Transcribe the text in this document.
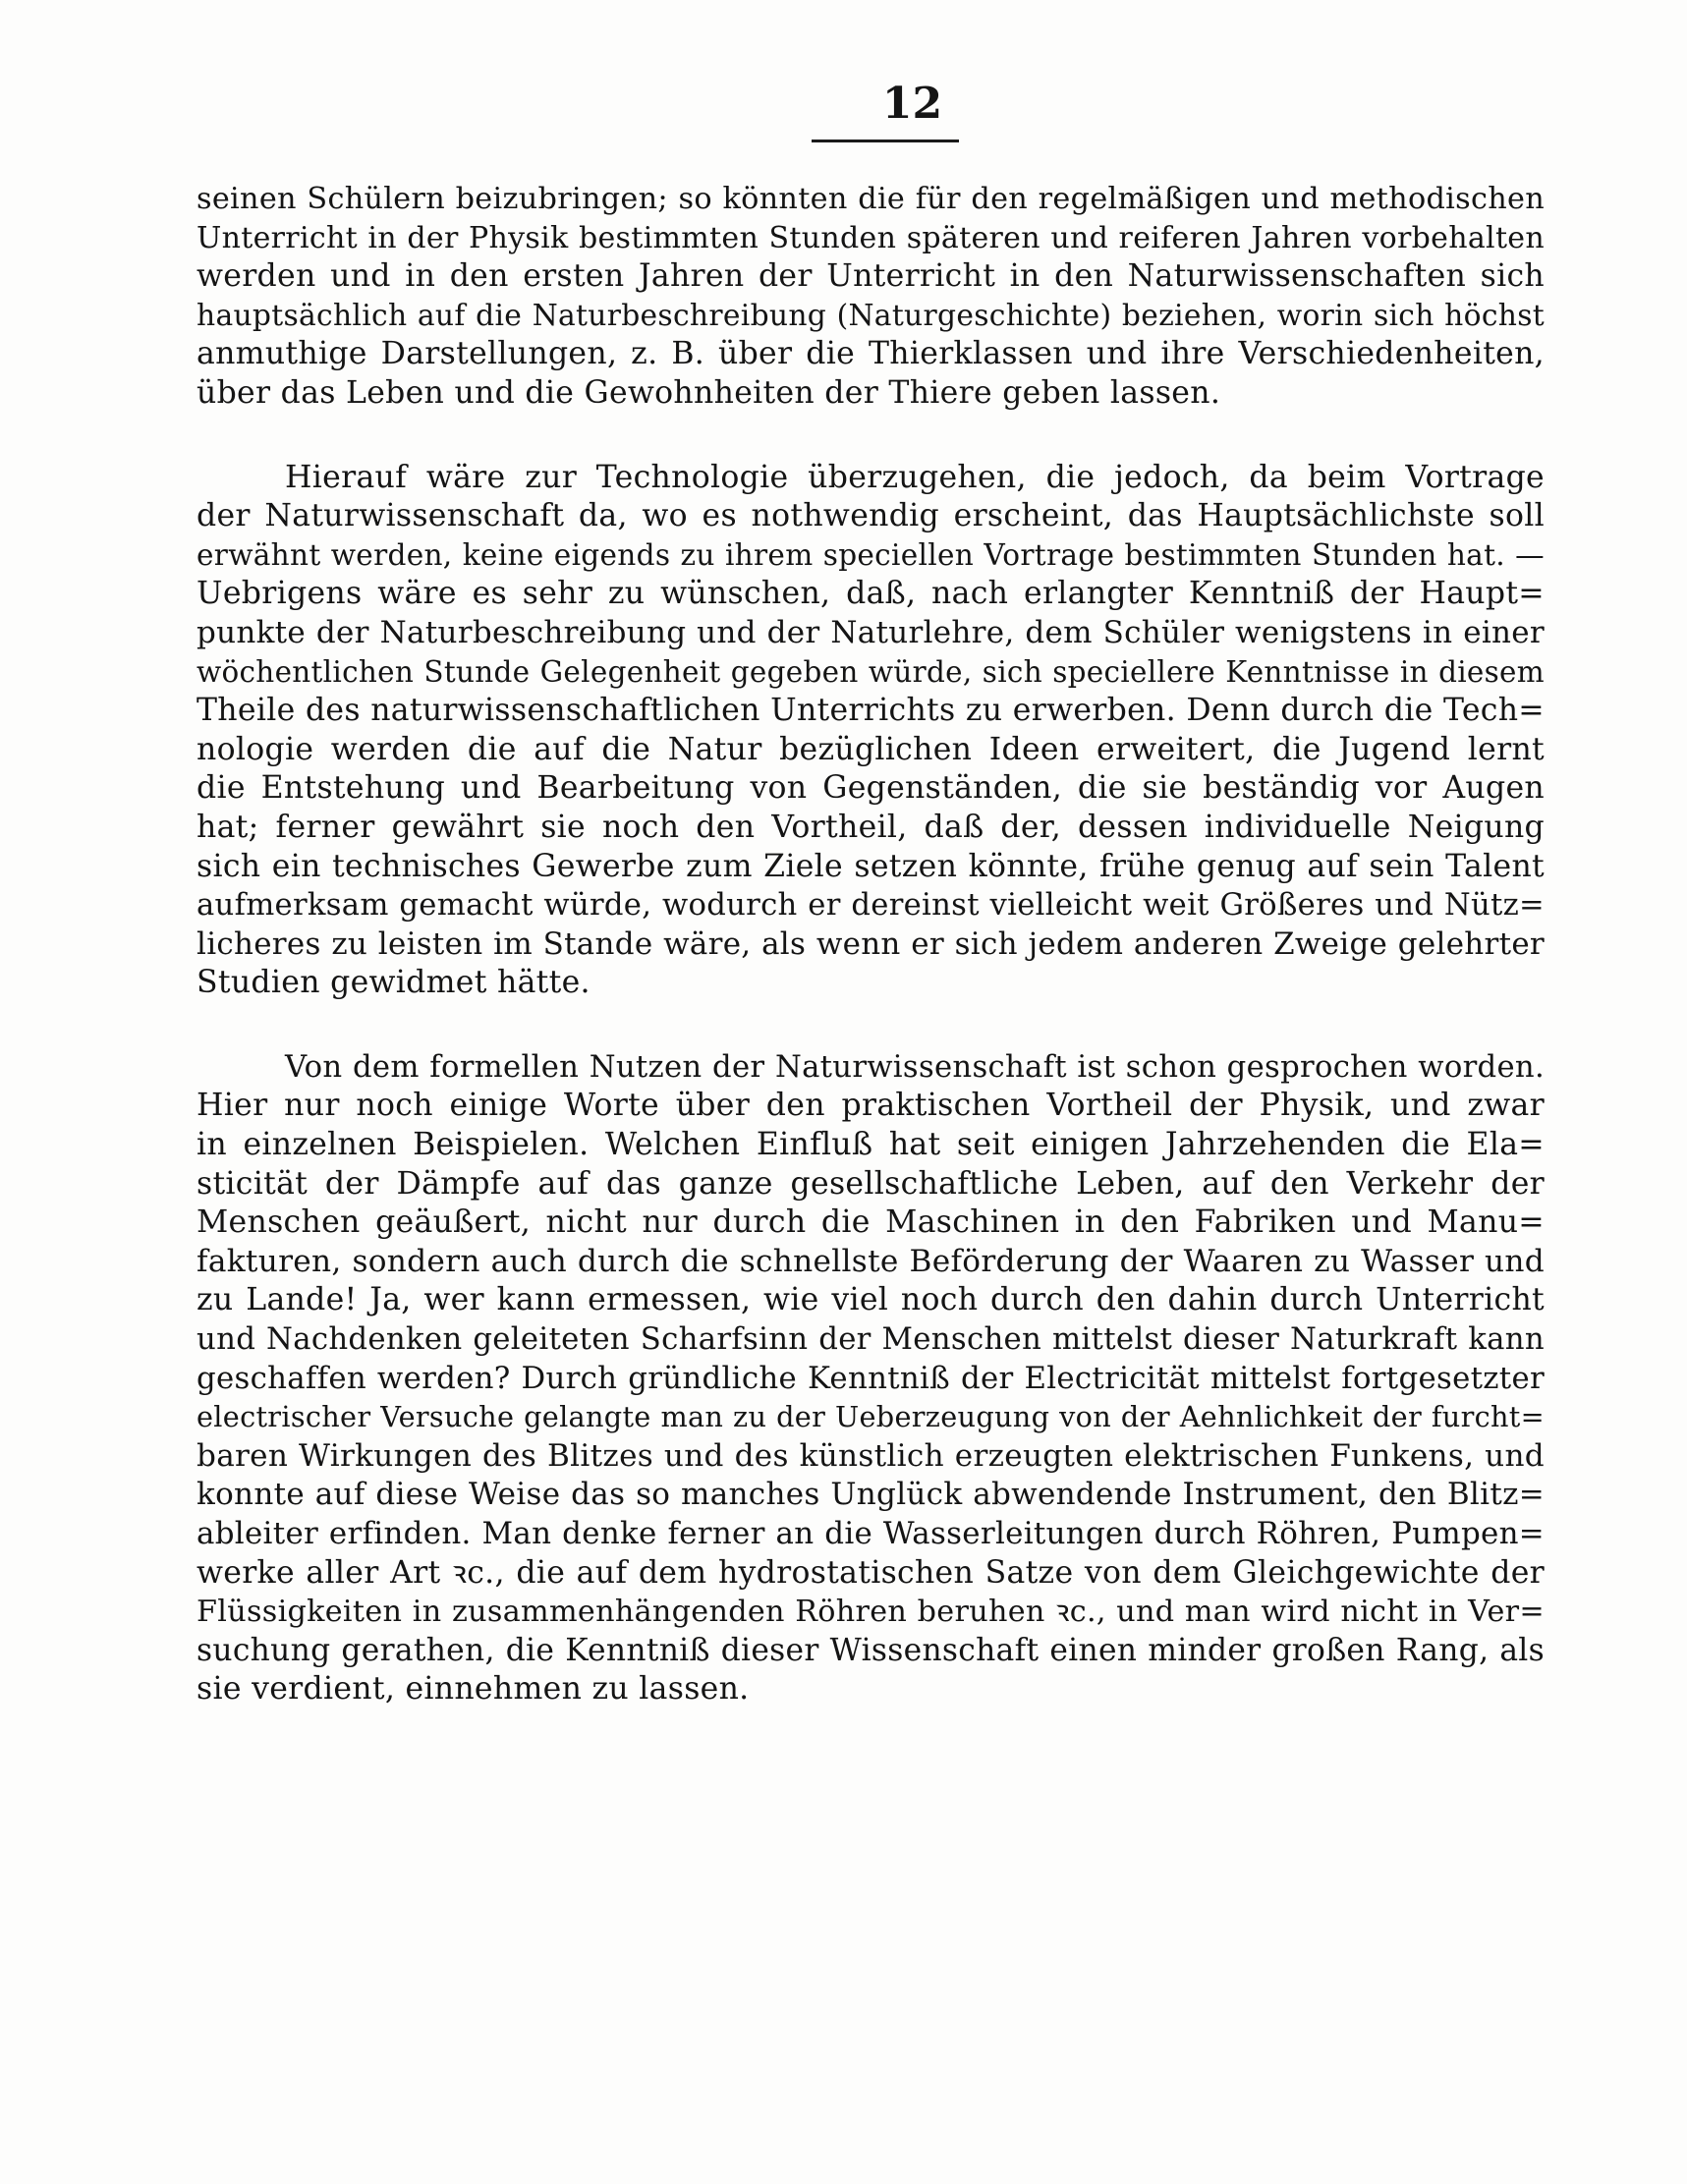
12

seinen Schülern beizubringen; so könnten die für den regelmäßigen und methodischen
Unterricht in der Physik bestimmten Stunden späteren und reiferen Jahren vorbehalten
werden und in den ersten Jahren der Unterricht in den Naturwissenschaften sich
hauptsächlich auf die Naturbeschreibung (Naturgeschichte) beziehen, worin sich höchst
anmuthige Darstellungen, z. B. über die Thierklassen und ihre Verschiedenheiten,
über das Leben und die Gewohnheiten der Thiere geben lassen.

Hierauf wäre zur Technologie überzugehen, die jedoch, da beim Vortrage
der Naturwissenschaft da, wo es nothwendig erscheint, das Hauptsächlichste soll
erwähnt werden, keine eigends zu ihrem speciellen Vortrage bestimmten Stunden hat. —
Uebrigens wäre es sehr zu wünschen, daß, nach erlangter Kenntniß der Haupt=
punkte der Naturbeschreibung und der Naturlehre, dem Schüler wenigstens in einer
wöchentlichen Stunde Gelegenheit gegeben würde, sich speciellere Kenntnisse in diesem
Theile des naturwissenschaftlichen Unterrichts zu erwerben. Denn durch die Tech=
nologie werden die auf die Natur bezüglichen Ideen erweitert, die Jugend lernt
die Entstehung und Bearbeitung von Gegenständen, die sie beständig vor Augen
hat; ferner gewährt sie noch den Vortheil, daß der, dessen individuelle Neigung
sich ein technisches Gewerbe zum Ziele setzen könnte, frühe genug auf sein Talent
aufmerksam gemacht würde, wodurch er dereinst vielleicht weit Größeres und Nütz=
licheres zu leisten im Stande wäre, als wenn er sich jedem anderen Zweige gelehrter
Studien gewidmet hätte.

Von dem formellen Nutzen der Naturwissenschaft ist schon gesprochen worden.
Hier nur noch einige Worte über den praktischen Vortheil der Physik, und zwar
in einzelnen Beispielen. Welchen Einfluß hat seit einigen Jahrzehenden die Ela=
sticität der Dämpfe auf das ganze gesellschaftliche Leben, auf den Verkehr der
Menschen geäußert, nicht nur durch die Maschinen in den Fabriken und Manu=
fakturen, sondern auch durch die schnellste Beförderung der Waaren zu Wasser und
zu Lande! Ja, wer kann ermessen, wie viel noch durch den dahin durch Unterricht
und Nachdenken geleiteten Scharfsinn der Menschen mittelst dieser Naturkraft kann
geschaffen werden? Durch gründliche Kenntniß der Electricität mittelst fortgesetzter
electrischer Versuche gelangte man zu der Ueberzeugung von der Aehnlichkeit der furcht=
baren Wirkungen des Blitzes und des künstlich erzeugten elektrischen Funkens, und
konnte auf diese Weise das so manches Unglück abwendende Instrument, den Blitz=
ableiter erfinden. Man denke ferner an die Wasserleitungen durch Röhren, Pumpen=
werke aller Art ꝛc., die auf dem hydrostatischen Satze von dem Gleichgewichte der
Flüssigkeiten in zusammenhängenden Röhren beruhen ꝛc., und man wird nicht in Ver=
suchung gerathen, die Kenntniß dieser Wissenschaft einen minder großen Rang, als
sie verdient, einnehmen zu lassen.
